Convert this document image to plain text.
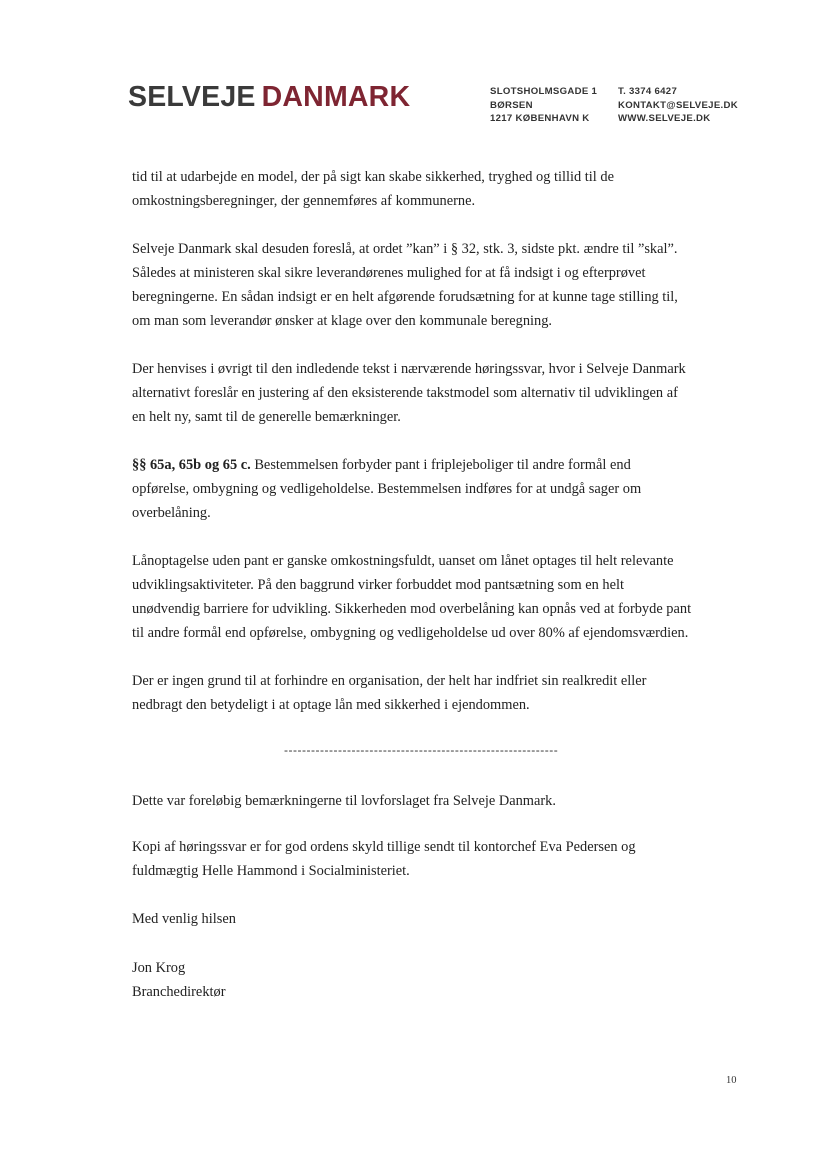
SELVEJE DANMARK	SLOTSHOLMSGADE 1
BØRSEN
1217 KØBENHAVN K
T. 3374 6427
KONTAKT@SELVEJE.DK
WWW.SELVEJE.DK
tid til at udarbejde en model, der på sigt kan skabe sikkerhed, tryghed og tillid til de
omkostningsberegninger, der gennemføres af kommunerne.
Selveje Danmark skal desuden foreslå, at ordet ”kan” i § 32, stk. 3, sidste pkt. ændre til ”skal”.
Således at ministeren skal sikre leverandørenes mulighed for at få indsigt i og efterprøvet
beregningerne. En sådan indsigt er en helt afgørende forudsætning for at kunne tage stilling til,
om man som leverandør ønsker at klage over den kommunale beregning.
Der henvises i øvrigt til den indledende tekst i nærværende høringssvar, hvor i Selveje Danmark
alternativt foreslår en justering af den eksisterende takstmodel som alternativ til udviklingen af
en helt ny, samt til de generelle bemærkninger.
§§ 65a, 65b og 65 c. Bestemmelsen forbyder pant i friplejeboliger til andre formål end
opførelse, ombygning og vedligeholdelse. Bestemmelsen indføres for at undgå sager om
overbelåning.
Lånoptagelse uden pant er ganske omkostningsfuldt, uanset om lånet optages til helt relevante
udviklingsaktiviteter. På den baggrund virker forbuddet mod pantsætning som en helt
unødvendig barriere for udvikling. Sikkerheden mod overbelåning kan opnås ved at forbyde pant
til andre formål end opførelse, ombygning og vedligeholdelse ud over 80% af ejendomsværdien.
Der er ingen grund til at forhindre en organisation, der helt har indfriet sin realkredit eller
nedbragt den betydeligt i at optage lån med sikkerhed i ejendommen.
-------------------------------------------------------------
Dette var foreløbig bemærkningerne til lovforslaget fra Selveje Danmark.
Kopi af høringssvar er for god ordens skyld tillige sendt til kontorchef Eva Pedersen og
fuldmægtig Helle Hammond i Socialministeriet.
Med venlig hilsen
Jon Krog
Branchedirektør
10
